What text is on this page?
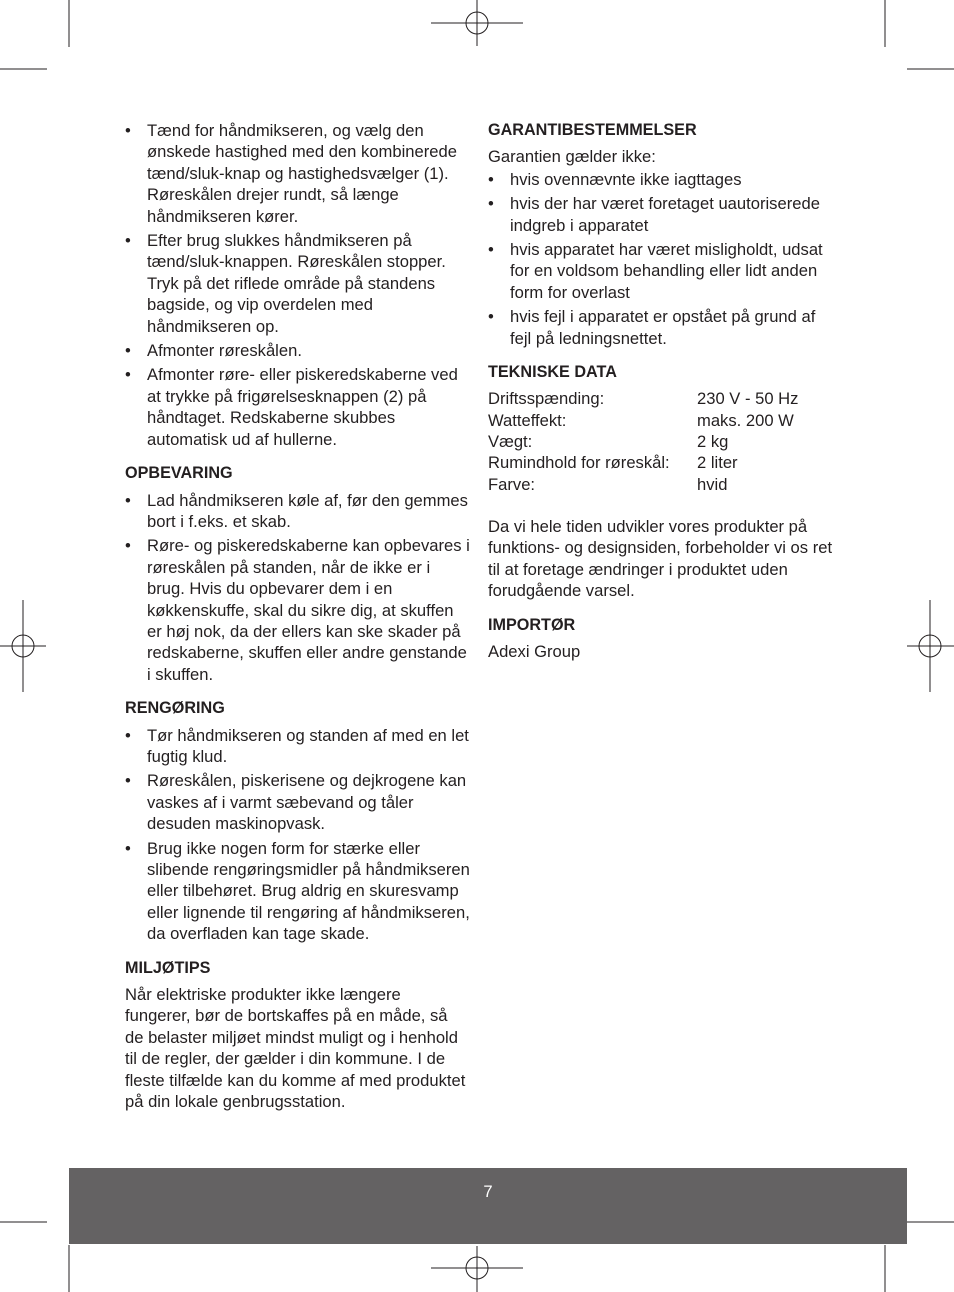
• Tænd for håndmikseren, og vælg den ønskede hastighed med den kombinerede tænd/sluk-knap og hastighedsvælger (1). Røreskålen drejer rundt, så længe håndmikseren kører.
• Efter brug slukkes håndmikseren på tænd/sluk-knappen. Røreskålen stopper. Tryk på det riflede område på standens bagside, og vip overdelen med håndmikseren op.
• Afmonter røreskålen.
• Afmonter røre- eller piskeredskaberne ved at trykke på frigørelsesknappen (2) på håndtaget. Redskaberne skubbes automatisk ud af hullerne.
OPBEVARING
• Lad håndmikseren køle af, før den gemmes bort i f.eks. et skab.
• Røre- og piskeredskaberne kan opbevares i røreskålen på standen, når de ikke er i brug. Hvis du opbevarer dem i en køkkenskuffe, skal du sikre dig, at skuffen er høj nok, da der ellers kan ske skader på redskaberne, skuffen eller andre genstande i skuffen.
RENGØRING
• Tør håndmikseren og standen af med en let fugtig klud.
• Røreskålen, piskerisene og dejkrogene kan vaskes af i varmt sæbevand og tåler desuden maskinopvask.
• Brug ikke nogen form for stærke eller slibende rengøringsmidler på håndmikseren eller tilbehøret. Brug aldrig en skuresvamp eller lignende til rengøring af håndmikseren, da overfladen kan tage skade.
MILJØTIPS

Når elektriske produkter ikke længere fungerer, bør de bortskaffes på en måde, så de belaster miljøet mindst muligt og i henhold til de regler, der gælder i din kommune. I de fleste tilfælde kan du komme af med produktet på din lokale genbrugsstation.

GARANTIBESTEMMELSER

Garantien gælder ikke:

• hvis ovennævnte ikke iagttages
• hvis der har været foretaget uautoriserede indgreb i apparatet
• hvis apparatet har været misligholdt, udsat for en voldsom behandling eller lidt anden form for overlast
• hvis fejl i apparatet er opstået på grund af fejl på ledningsnettet.
TEKNISKE DATA
Driftsspænding:	230 V - 50 Hz
Watteffekt:	maks. 200 W
Vægt:	2 kg
Rumindhold for røreskål:	2 liter
Farve:	hvid

Da vi hele tiden udvikler vores produkter på funktions- og designsiden, forbeholder vi os ret til at foretage ændringer i produktet uden forudgående varsel.

IMPORTØR

Adexi Group

7
